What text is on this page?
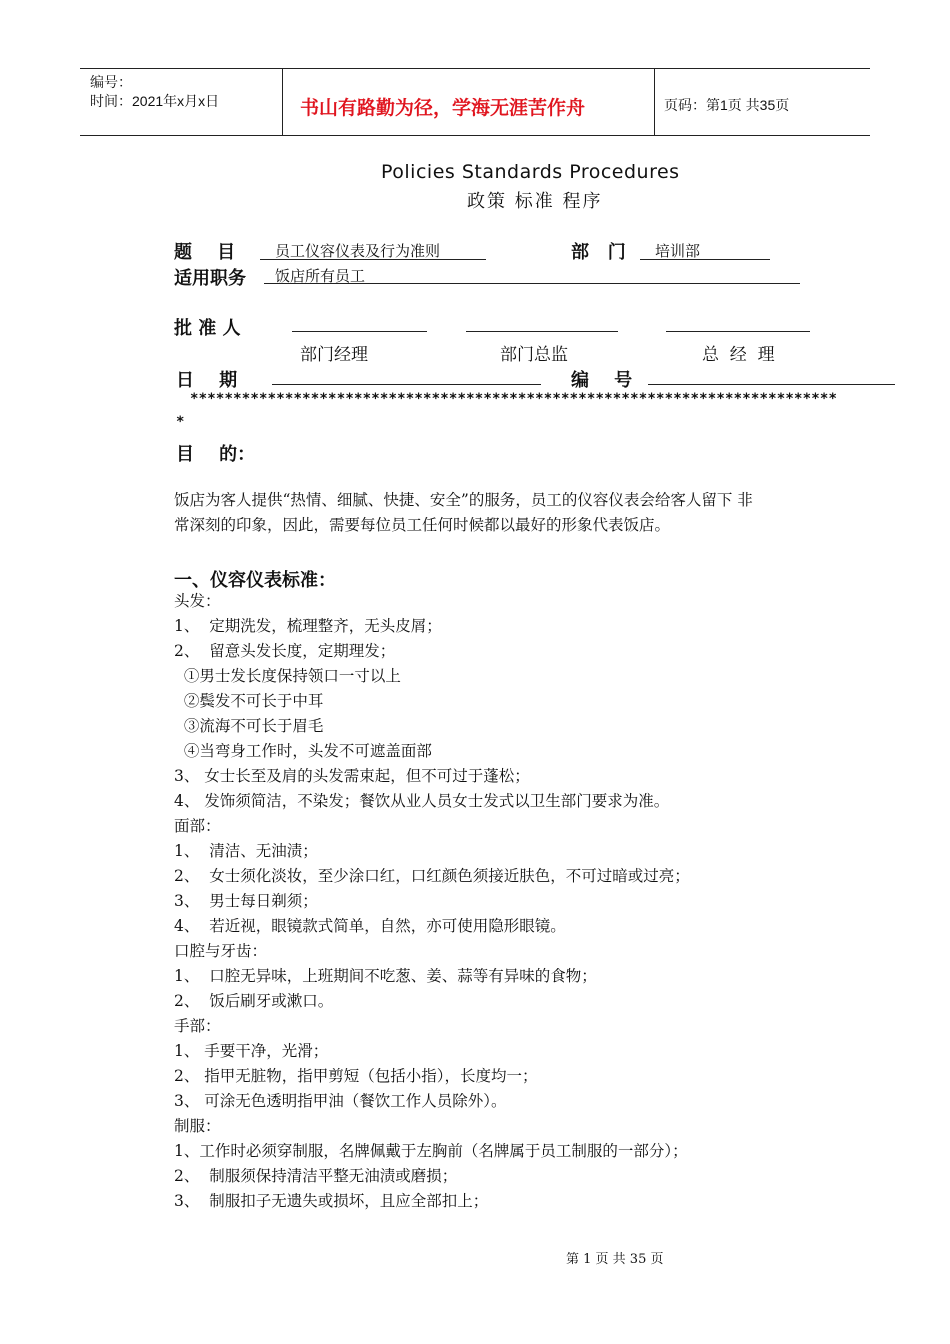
编号：
时间：2021年x月x日	书山有路勤为径，学海无涯苦作舟	页码：第1页 共35页
Policies Standards Procedures
政策 标准 程序
题    目	员工仪容仪表及行为准则	部   门 培训部
适用职务 饭店所有员工
批 准 人
部门经理	部门总监	总  经  理
日    期	编    号
***************************************************************************
*
目    的：
饭店为客人提供“热情、细腻、快捷、安全”的服务，员工的仪容仪表会给客人留下 非
常深刻的印象，因此，需要每位员工任何时候都以最好的形象代表饭店。
一、仪容仪表标准：
头发：
1、  定期洗发，梳理整齐，无头皮屑；
2、  留意头发长度，定期理发；
①男士发长度保持领口一寸以上
②鬓发不可长于中耳
③流海不可长于眉毛
④当弯身工作时，头发不可遮盖面部
3、 女士长至及肩的头发需束起，但不可过于蓬松；
4、 发饰须简洁，不染发；餐饮从业人员女士发式以卫生部门要求为准。
面部：
1、  清洁、无油渍；
2、  女士须化淡妆，至少涂口红，口红颜色须接近肤色，不可过暗或过亮；
3、  男士每日剃须；
4、  若近视，眼镜款式简单，自然，亦可使用隐形眼镜。
口腔与牙齿：
1、  口腔无异味，上班期间不吃葱、姜、蒜等有异味的食物；
2、  饭后刷牙或漱口。
手部：
1、 手要干净，光滑；
2、 指甲无脏物，指甲剪短（包括小指），长度均一；
3、 可涂无色透明指甲油（餐饮工作人员除外）。
制服：
1、工作时必须穿制服，名牌佩戴于左胸前（名牌属于员工制服的一部分）；
2、  制服须保持清洁平整无油渍或磨损；
3、  制服扣子无遗失或损坏，且应全部扣上；
第 1 页 共 35 页
